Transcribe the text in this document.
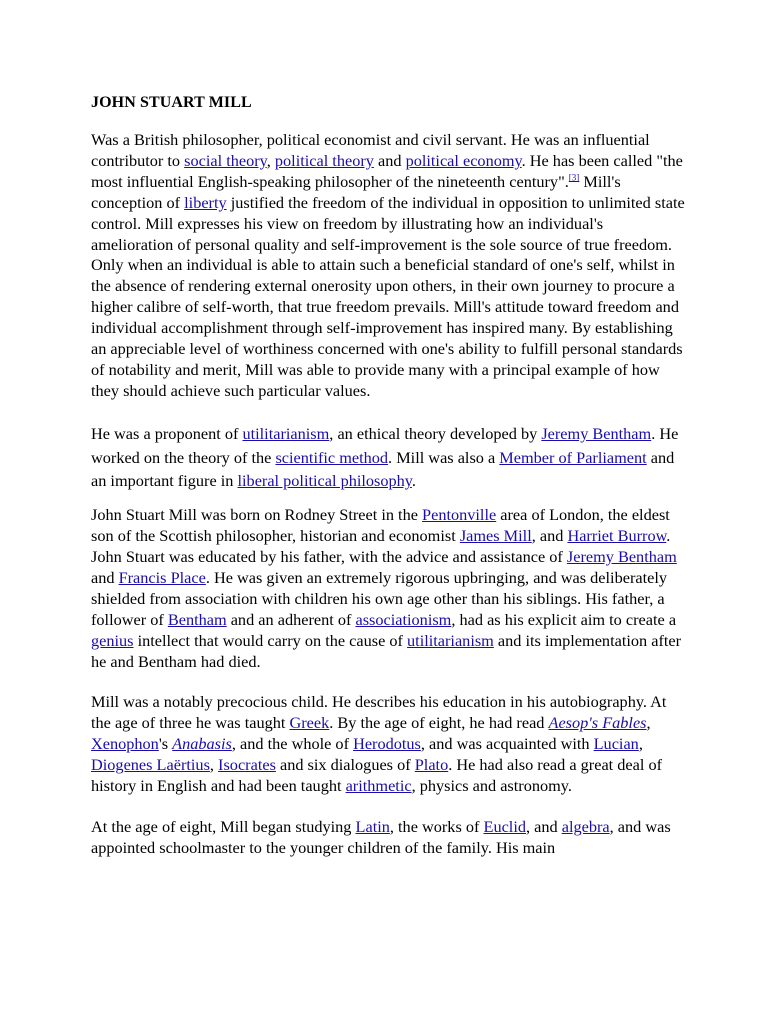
JOHN STUART MILL

Was a British philosopher, political economist and civil servant. He was an influential contributor to social theory, political theory and political economy. He has been called "the most influential English-speaking philosopher of the nineteenth century".[3] Mill's conception of liberty justified the freedom of the individual in opposition to unlimited state control. Mill expresses his view on freedom by illustrating how an individual's amelioration of personal quality and self-improvement is the sole source of true freedom. Only when an individual is able to attain such a beneficial standard of one's self, whilst in the absence of rendering external onerosity upon others, in their own journey to procure a higher calibre of self-worth, that true freedom prevails. Mill's attitude toward freedom and individual accomplishment through self-improvement has inspired many. By establishing an appreciable level of worthiness concerned with one's ability to fulfill personal standards of notability and merit, Mill was able to provide many with a principal example of how they should achieve such particular values.

He was a proponent of utilitarianism, an ethical theory developed by Jeremy Bentham. He worked on the theory of the scientific method. Mill was also a Member of Parliament and an important figure in liberal political philosophy.

John Stuart Mill was born on Rodney Street in the Pentonville area of London, the eldest son of the Scottish philosopher, historian and economist James Mill, and Harriet Burrow. John Stuart was educated by his father, with the advice and assistance of Jeremy Bentham and Francis Place. He was given an extremely rigorous upbringing, and was deliberately shielded from association with children his own age other than his siblings. His father, a follower of Bentham and an adherent of associationism, had as his explicit aim to create a genius intellect that would carry on the cause of utilitarianism and its implementation after he and Bentham had died.

Mill was a notably precocious child. He describes his education in his autobiography. At the age of three he was taught Greek. By the age of eight, he had read Aesop's Fables, Xenophon's Anabasis, and the whole of Herodotus, and was acquainted with Lucian, Diogenes Laërtius, Isocrates and six dialogues of Plato. He had also read a great deal of history in English and had been taught arithmetic, physics and astronomy.

At the age of eight, Mill began studying Latin, the works of Euclid, and algebra, and was appointed schoolmaster to the younger children of the family. His main
